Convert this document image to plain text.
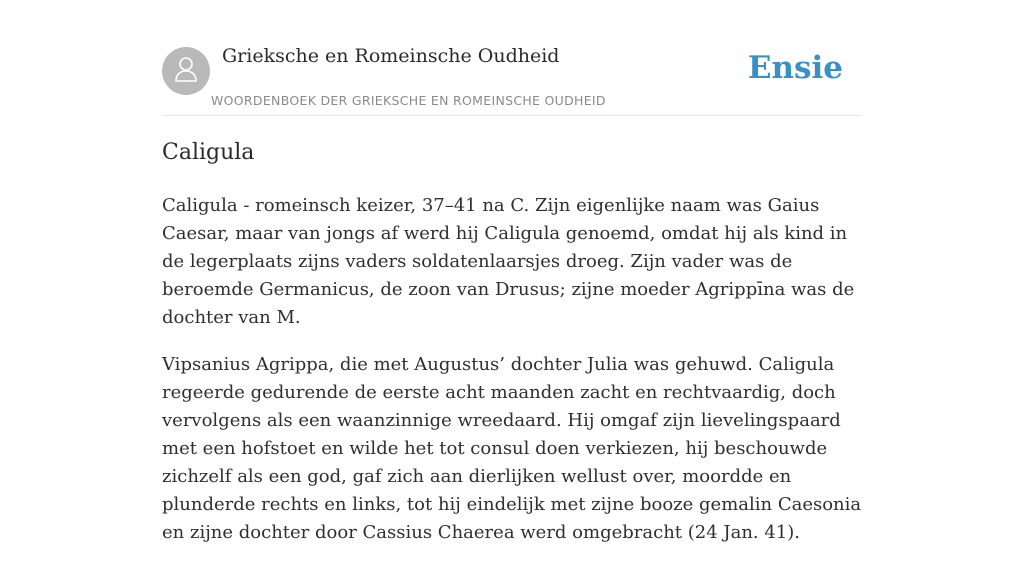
Grieksche en Romeinsche Oudheid
WOORDENBOEK DER GRIEKSCHE EN ROMEINSCHE OUDHEID
Ensie
Caligula

Caligula - romeinsch keizer, 37–41 na C. Zijn eigenlijke naam was Gaius Caesar, maar van jongs af werd hij Caligula genoemd, omdat hij als kind in de legerplaats zijns vaders soldatenlaarsjes droeg. Zijn vader was de beroemde Germanicus, de zoon van Drusus; zijne moeder Agrippīna was de dochter van M.

Vipsanius Agrippa, die met Augustus’ dochter Julia was gehuwd. Caligula regeerde gedurende de eerste acht maanden zacht en rechtvaardig, doch vervolgens als een waanzinnige wreedaard. Hij omgaf zijn lievelingspaard met een hofstoet en wilde het tot consul doen verkiezen, hij beschouwde zichzelf als een god, gaf zich aan dierlijken wellust over, moordde en plunderde rechts en links, tot hij eindelijk met zijne booze gemalin Caesonia en zijne dochter door Cassius Chaerea werd omgebracht (24 Jan. 41).
